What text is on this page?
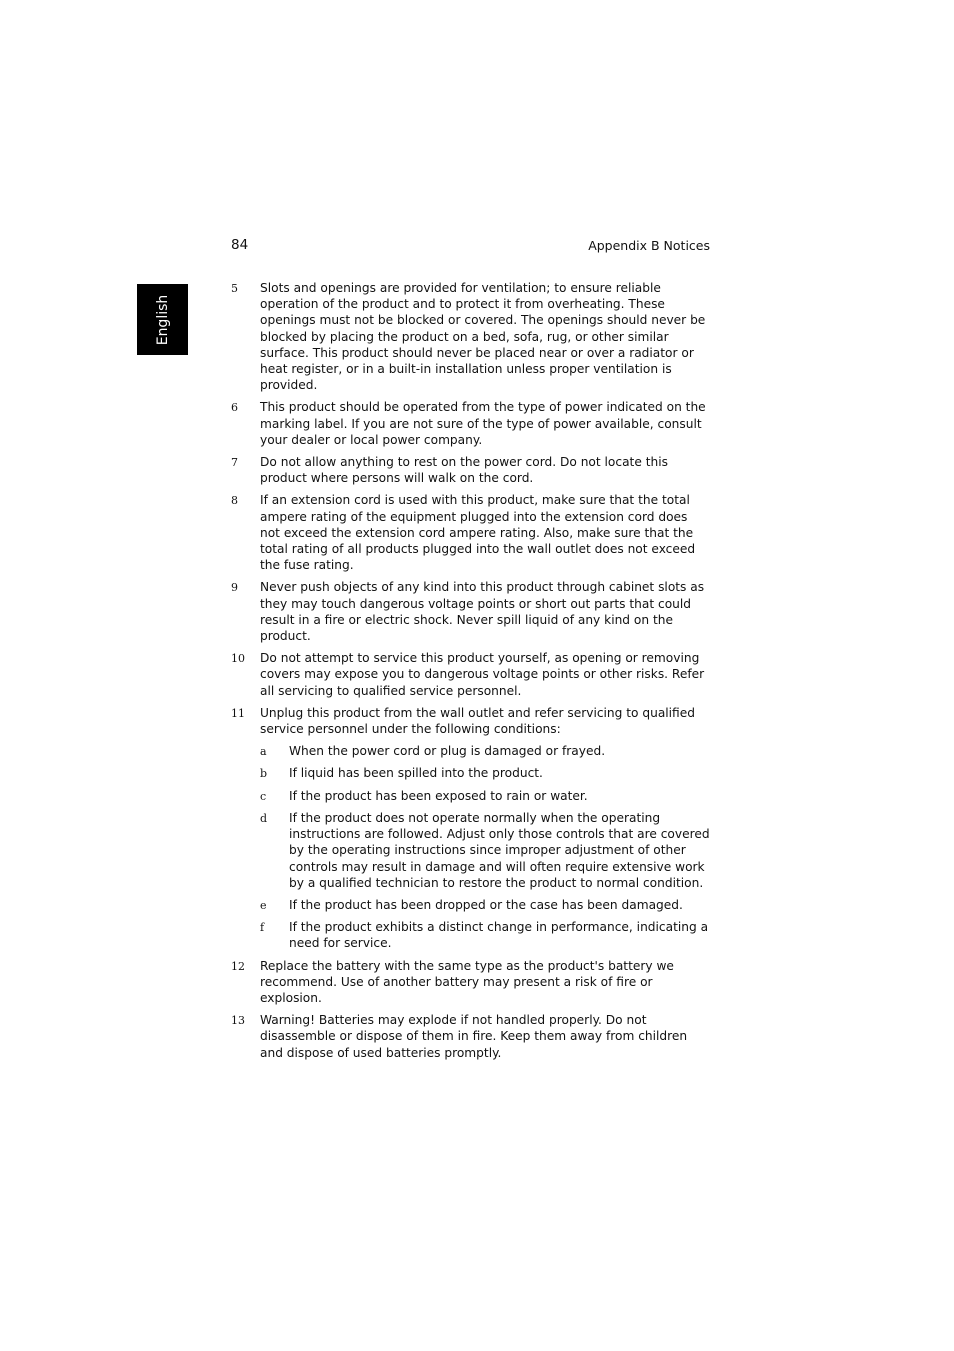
84	Appendix B Notices
English
5 Slots and openings are provided for ventilation; to ensure reliable operation of the product and to protect it from overheating. These openings must not be blocked or covered. The openings should never be blocked by placing the product on a bed, sofa, rug, or other similar surface. This product should never be placed near or over a radiator or heat register, or in a built-in installation unless proper ventilation is provided.
6 This product should be operated from the type of power indicated on the marking label. If you are not sure of the type of power available, consult your dealer or local power company.
7 Do not allow anything to rest on the power cord. Do not locate this product where persons will walk on the cord.
8 If an extension cord is used with this product, make sure that the total ampere rating of the equipment plugged into the extension cord does not exceed the extension cord ampere rating. Also, make sure that the total rating of all products plugged into the wall outlet does not exceed the fuse rating.
9 Never push objects of any kind into this product through cabinet slots as they may touch dangerous voltage points or short out parts that could result in a fire or electric shock. Never spill liquid of any kind on the product.
10 Do not attempt to service this product yourself, as opening or removing covers may expose you to dangerous voltage points or other risks. Refer all servicing to qualified service personnel.
11 Unplug this product from the wall outlet and refer servicing to qualified service personnel under the following conditions:
a When the power cord or plug is damaged or frayed.
b If liquid has been spilled into the product.
c If the product has been exposed to rain or water.
d If the product does not operate normally when the operating instructions are followed. Adjust only those controls that are covered by the operating instructions since improper adjustment of other controls may result in damage and will often require extensive work by a qualified technician to restore the product to normal condition.
e If the product has been dropped or the case has been damaged.
f If the product exhibits a distinct change in performance, indicating a need for service.
12 Replace the battery with the same type as the product's battery we recommend. Use of another battery may present a risk of fire or explosion.
13 Warning! Batteries may explode if not handled properly. Do not disassemble or dispose of them in fire. Keep them away from children and dispose of used batteries promptly.
